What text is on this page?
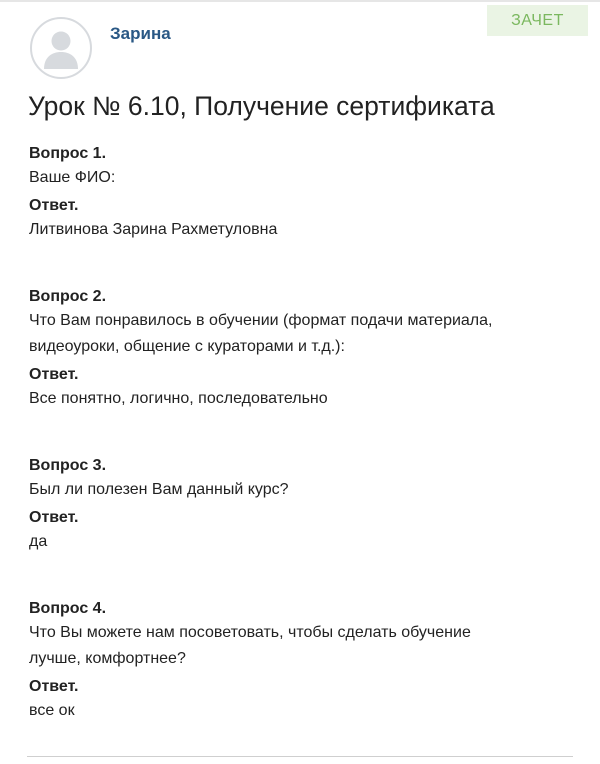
Зарина
ЗАЧЕТ
Урок № 6.10, Получение сертификата
Вопрос 1.
Ваше ФИО:
Ответ.
Литвинова Зарина Рахметуловна
Вопрос 2.
Что Вам понравилось в обучении (формат подачи материала, видеоуроки, общение с кураторами и т.д.):
Ответ.
Все понятно, логично, последовательно
Вопрос 3.
Был ли полезен Вам данный курс?
Ответ.
да
Вопрос 4.
Что Вы можете нам посоветовать, чтобы сделать обучение лучше, комфортнее?
Ответ.
все ок
